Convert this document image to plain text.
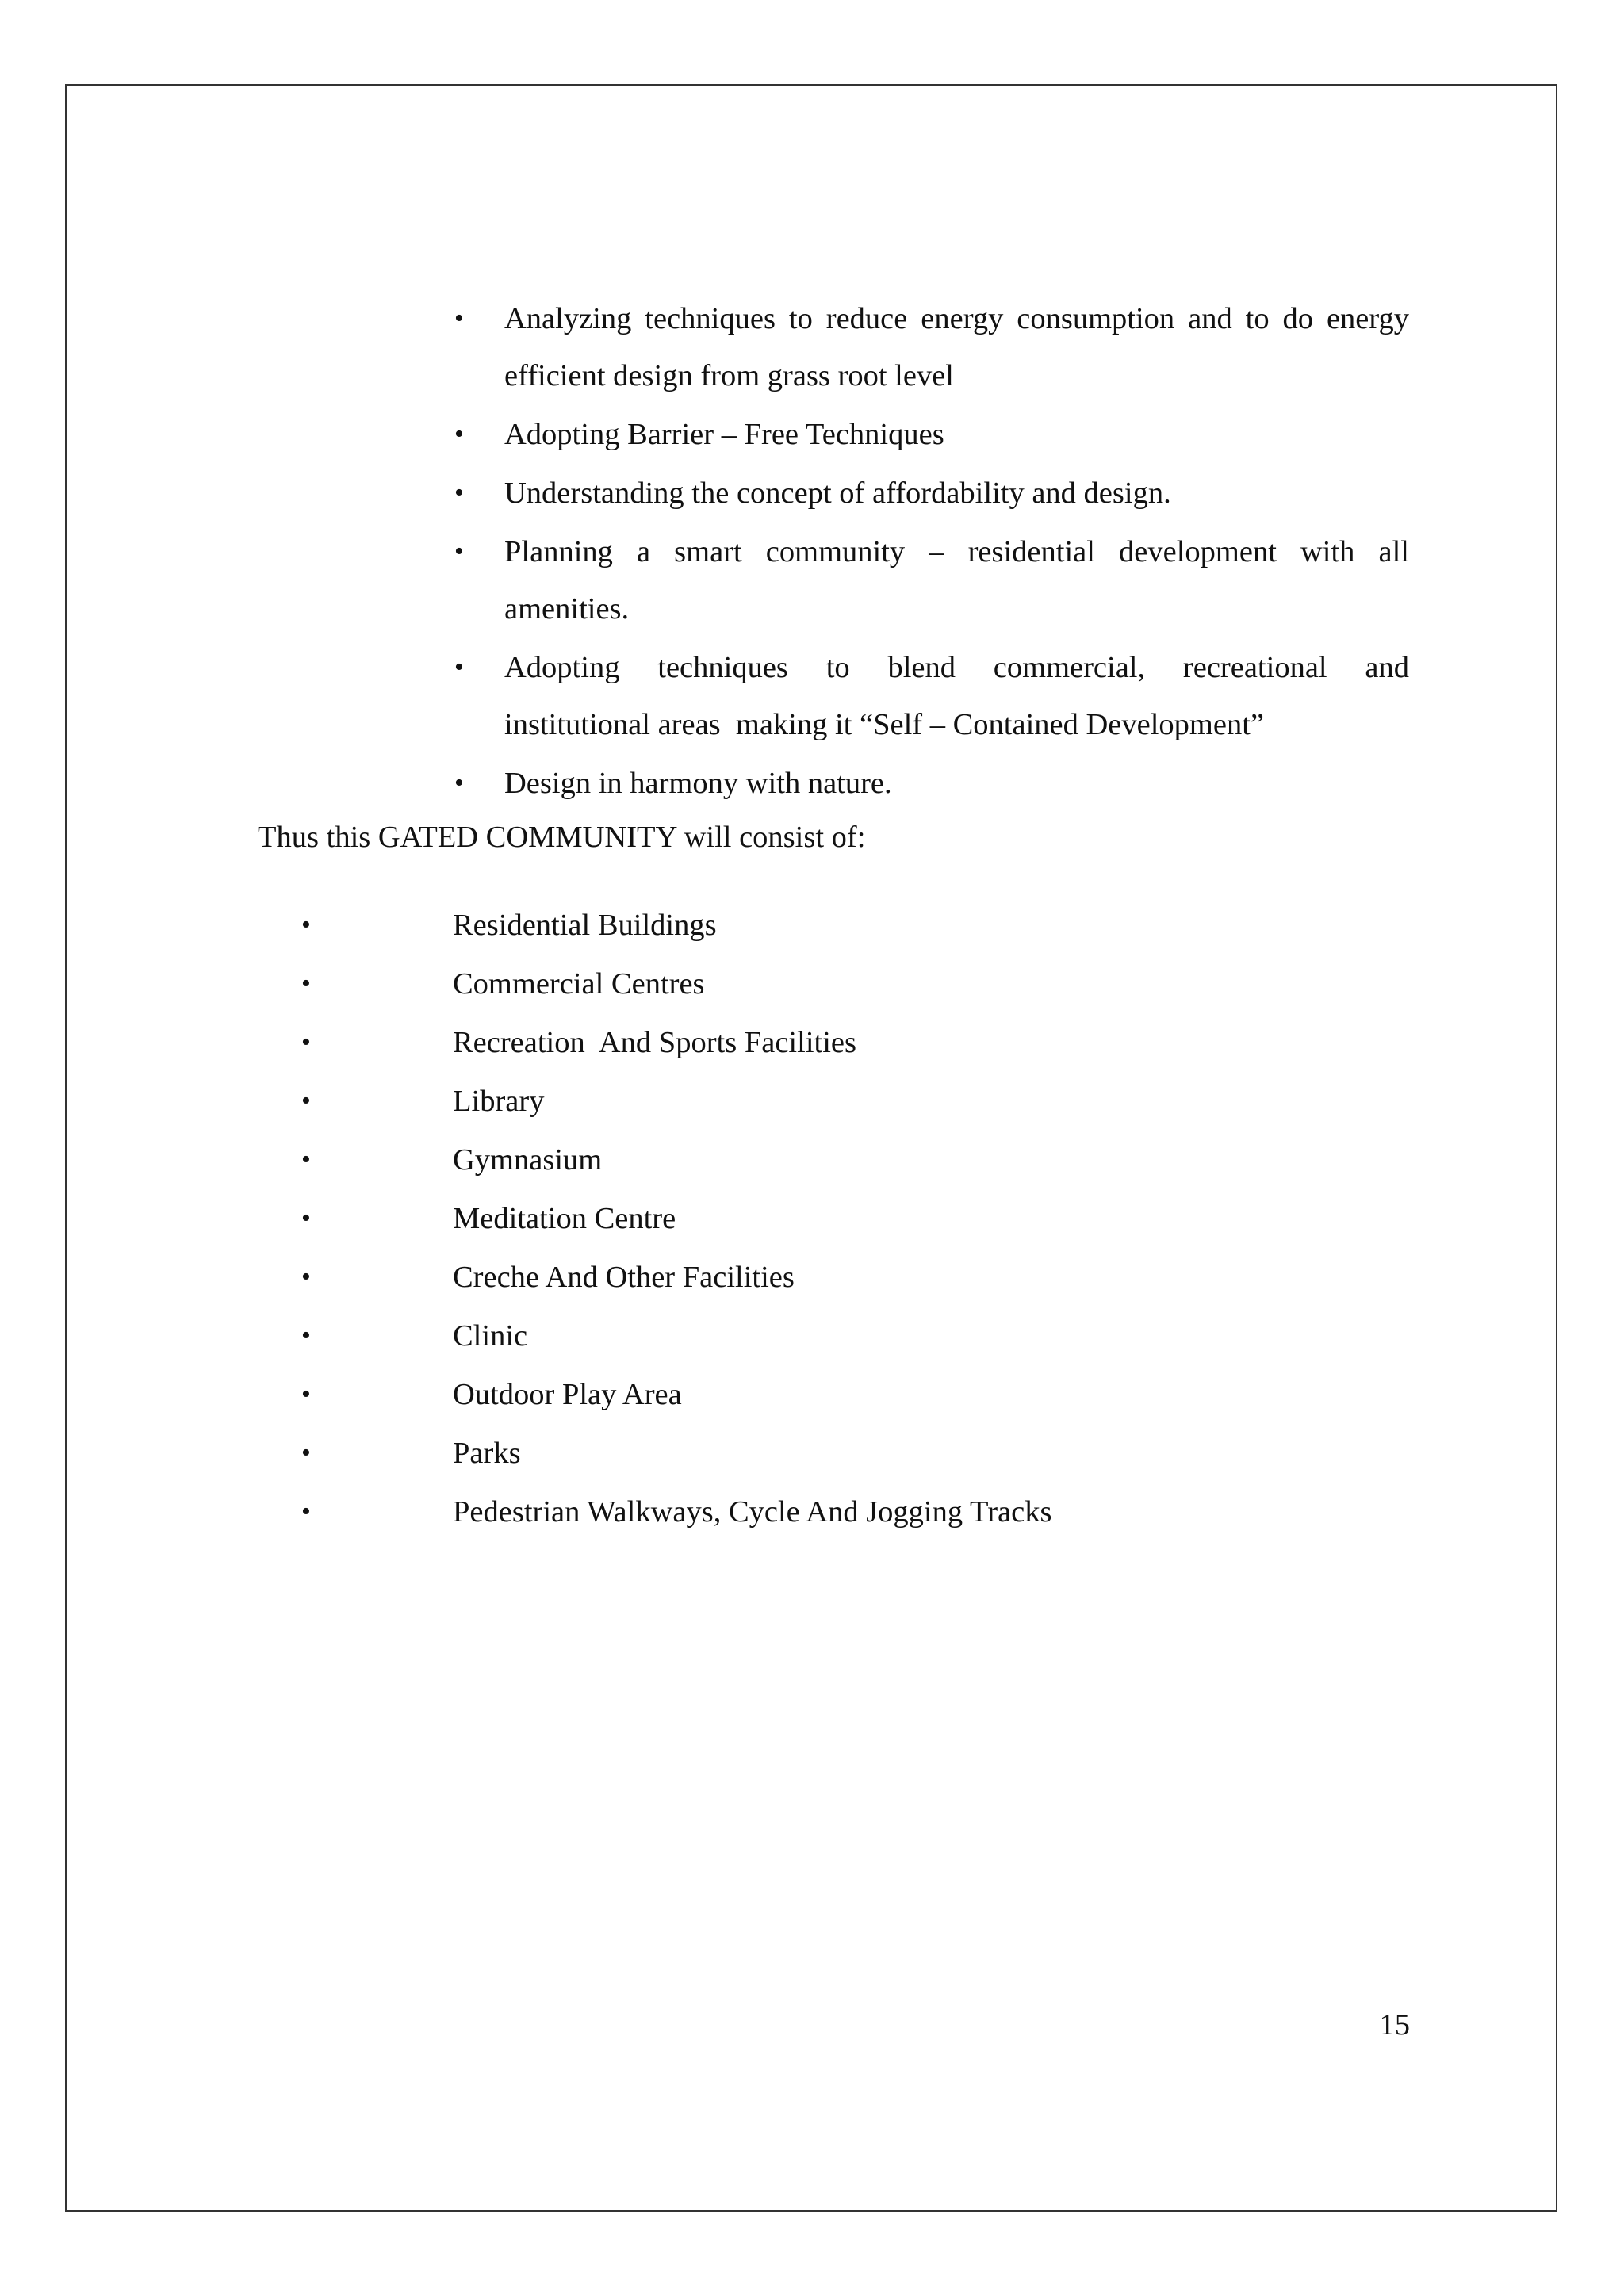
• Analyzing techniques to reduce energy consumption and to do energy
efficient design from grass root level
• Adopting Barrier – Free Techniques
• Understanding the concept of affordability and design.
• Planning a smart community – residential development with all
amenities.
• Adopting techniques to blend commercial, recreational and
institutional areas  making it “Self – Contained Development”
• Design in harmony with nature.

Thus this GATED COMMUNITY will consist of:

•	Residential Buildings
•	Commercial Centres
•	Recreation  And Sports Facilities
•	Library
•	Gymnasium
•	Meditation Centre
•	Creche And Other Facilities
•	Clinic
•	Outdoor Play Area
•	Parks
•	Pedestrian Walkways, Cycle And Jogging Tracks
15
